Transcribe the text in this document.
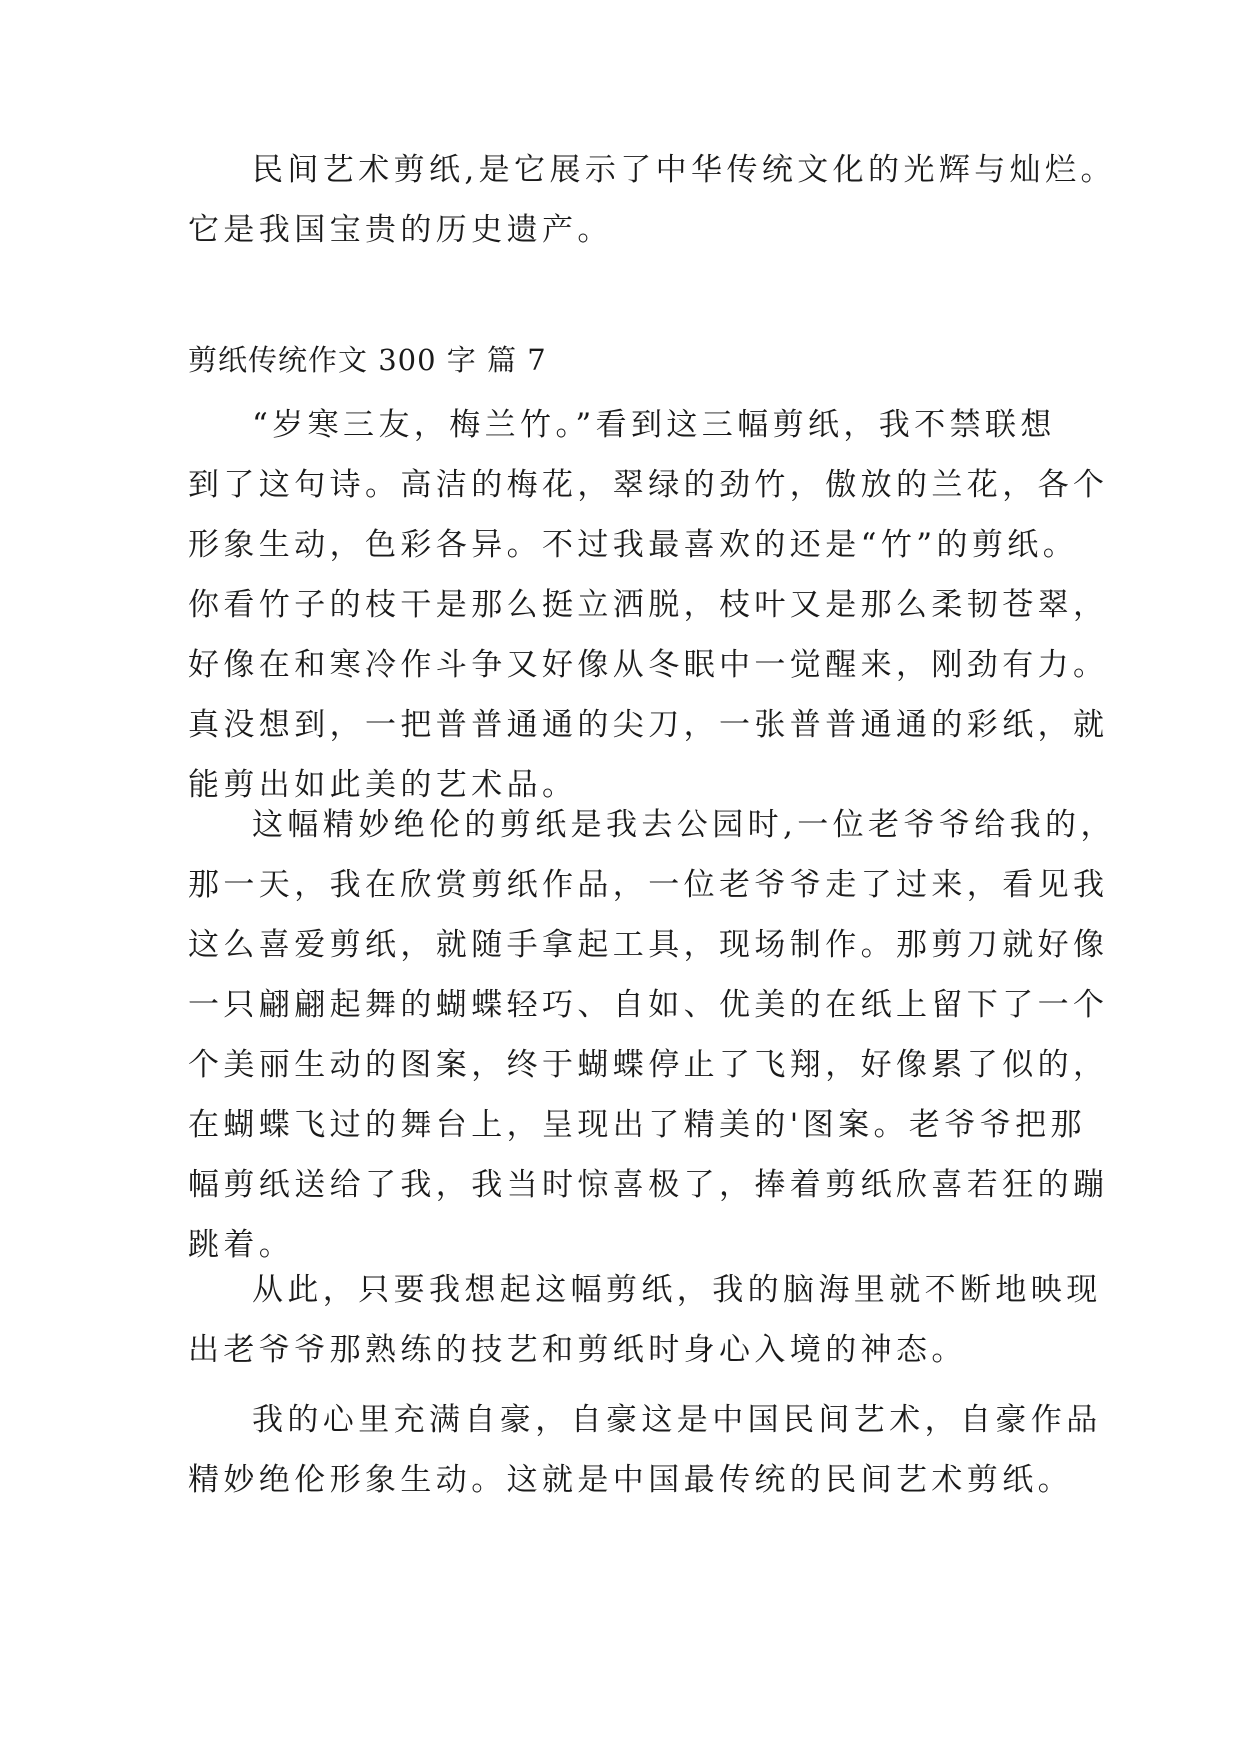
民间艺术剪纸,是它展示了中华传统文化的光辉与灿烂。
它是我国宝贵的历史遗产。
剪纸传统作文 300 字 篇 7
“岁寒三友，梅兰竹。”看到这三幅剪纸，我不禁联想
到了这句诗。高洁的梅花，翠绿的劲竹，傲放的兰花，各个
形象生动，色彩各异。不过我最喜欢的还是“竹”的剪纸。
你看竹子的枝干是那么挺立洒脱，枝叶又是那么柔韧苍翠，
好像在和寒冷作斗争又好像从冬眠中一觉醒来，刚劲有力。
真没想到，一把普普通通的尖刀，一张普普通通的彩纸，就
能剪出如此美的艺术品。
这幅精妙绝伦的剪纸是我去公园时,一位老爷爷给我的，
那一天，我在欣赏剪纸作品，一位老爷爷走了过来，看见我
这么喜爱剪纸，就随手拿起工具，现场制作。那剪刀就好像
一只翩翩起舞的蝴蝶轻巧、自如、优美的在纸上留下了一个
个美丽生动的图案，终于蝴蝶停止了飞翔，好像累了似的，
在蝴蝶飞过的舞台上，呈现出了精美的'图案。老爷爷把那
幅剪纸送给了我，我当时惊喜极了，捧着剪纸欣喜若狂的蹦
跳着。
从此，只要我想起这幅剪纸，我的脑海里就不断地映现
出老爷爷那熟练的技艺和剪纸时身心入境的神态。
我的心里充满自豪，自豪这是中国民间艺术，自豪作品
精妙绝伦形象生动。这就是中国最传统的民间艺术剪纸。
